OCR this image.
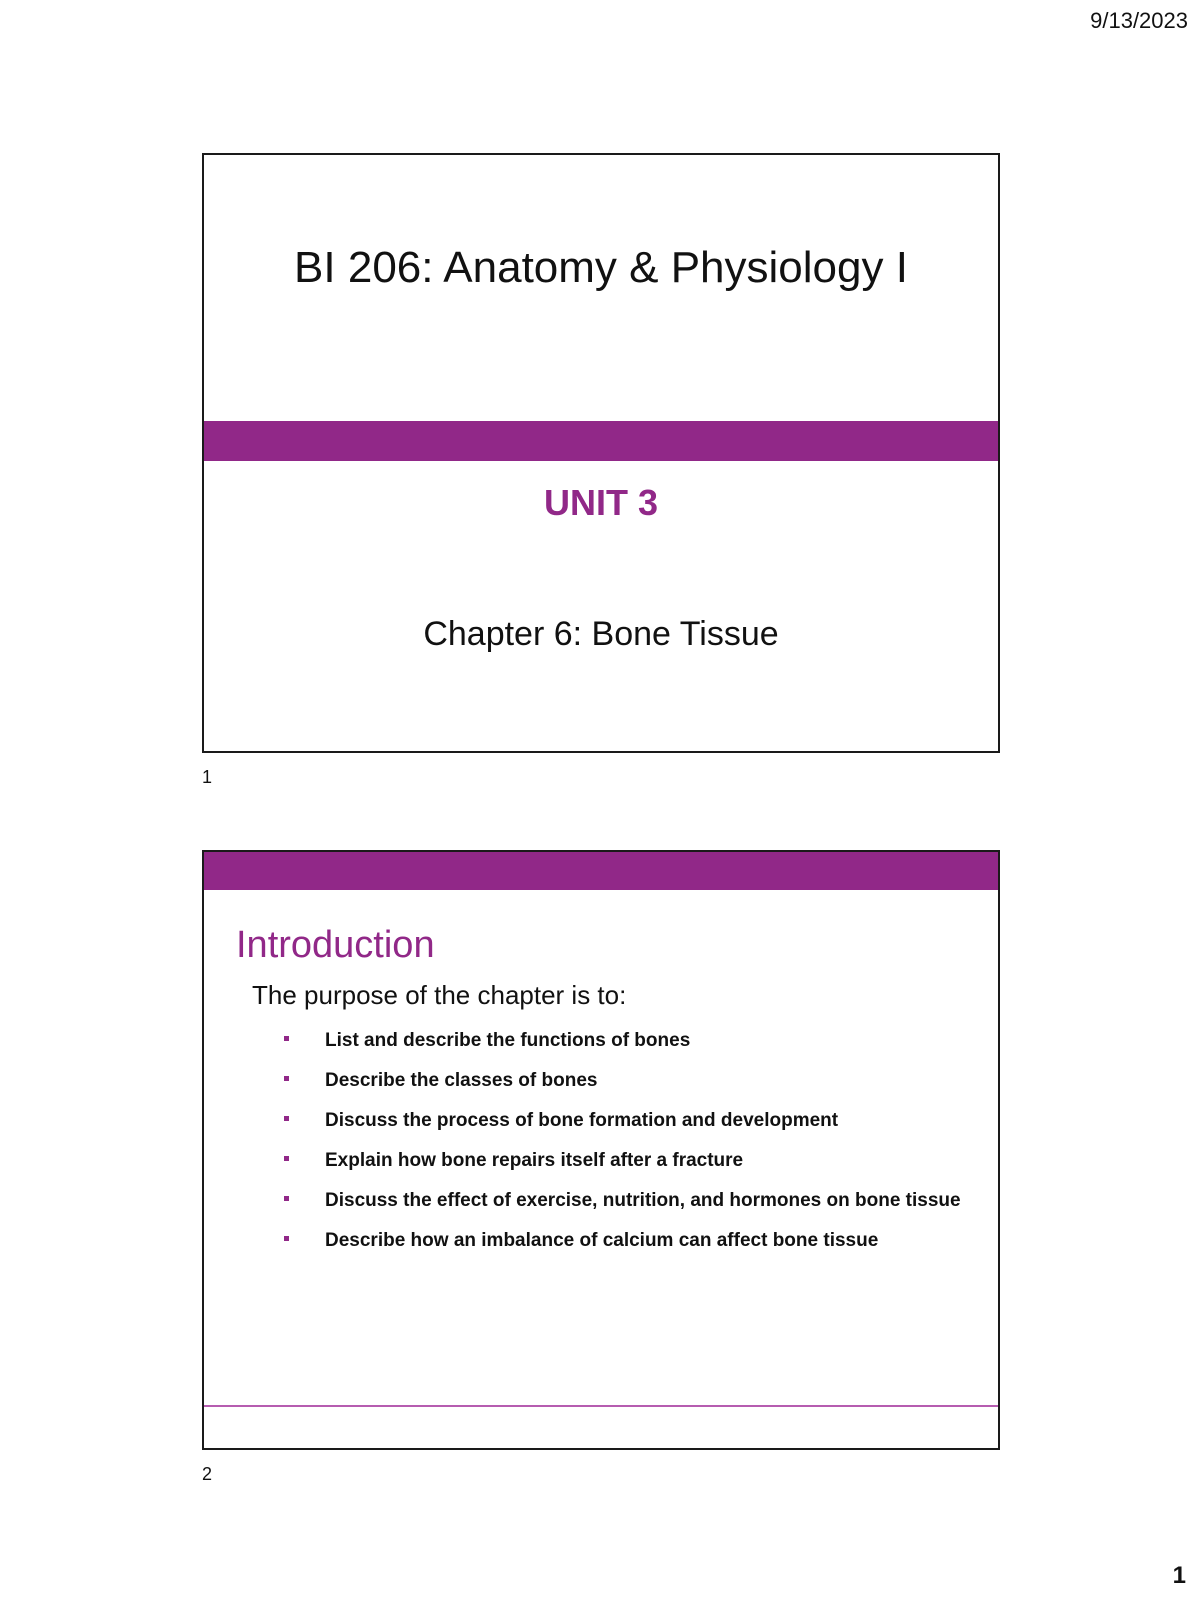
9/13/2023
BI 206: Anatomy & Physiology I
UNIT 3
Chapter 6: Bone Tissue
1
Introduction
The purpose of the chapter is to:
List and describe the functions of bones
Describe the classes of bones
Discuss the process of bone formation and development
Explain how bone repairs itself after a fracture
Discuss the effect of exercise, nutrition, and hormones on bone tissue
Describe how an imbalance of calcium can affect bone tissue
2
1
